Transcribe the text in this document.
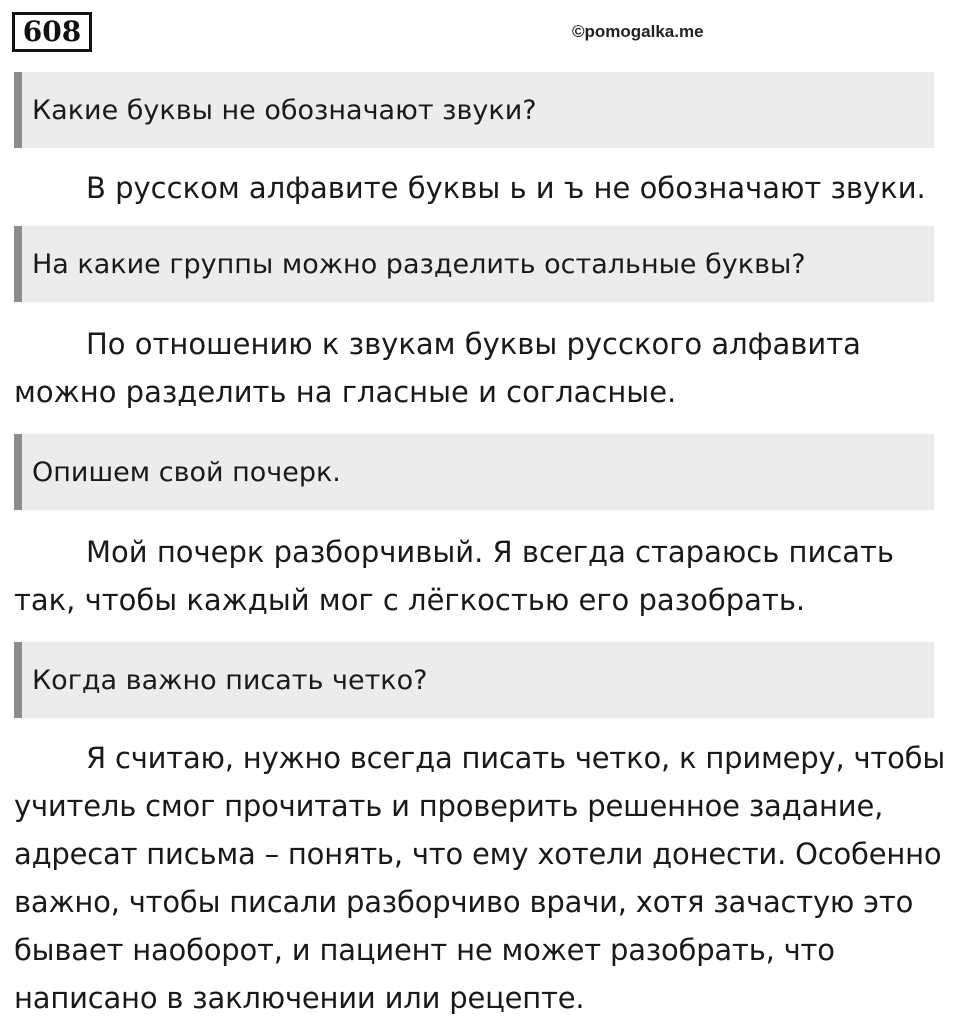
608	©pomogalka.me
Какие буквы не обозначают звуки?
В русском алфавите буквы ь и ъ не обозначают звуки.
На какие группы можно разделить остальные буквы?
По отношению к звукам буквы русского алфавита можно разделить на гласные и согласные.
Опишем свой почерк.
Мой почерк разборчивый. Я всегда стараюсь писать так, чтобы каждый мог с лёгкостью его разобрать.
Когда важно писать четко?
Я считаю, нужно всегда писать четко, к примеру, чтобы учитель смог прочитать и проверить решенное задание, адресат письма – понять, что ему хотели донести. Особенно важно, чтобы писали разборчиво врачи, хотя зачастую это бывает наоборот, и пациент не может разобрать, что написано в заключении или рецепте.
